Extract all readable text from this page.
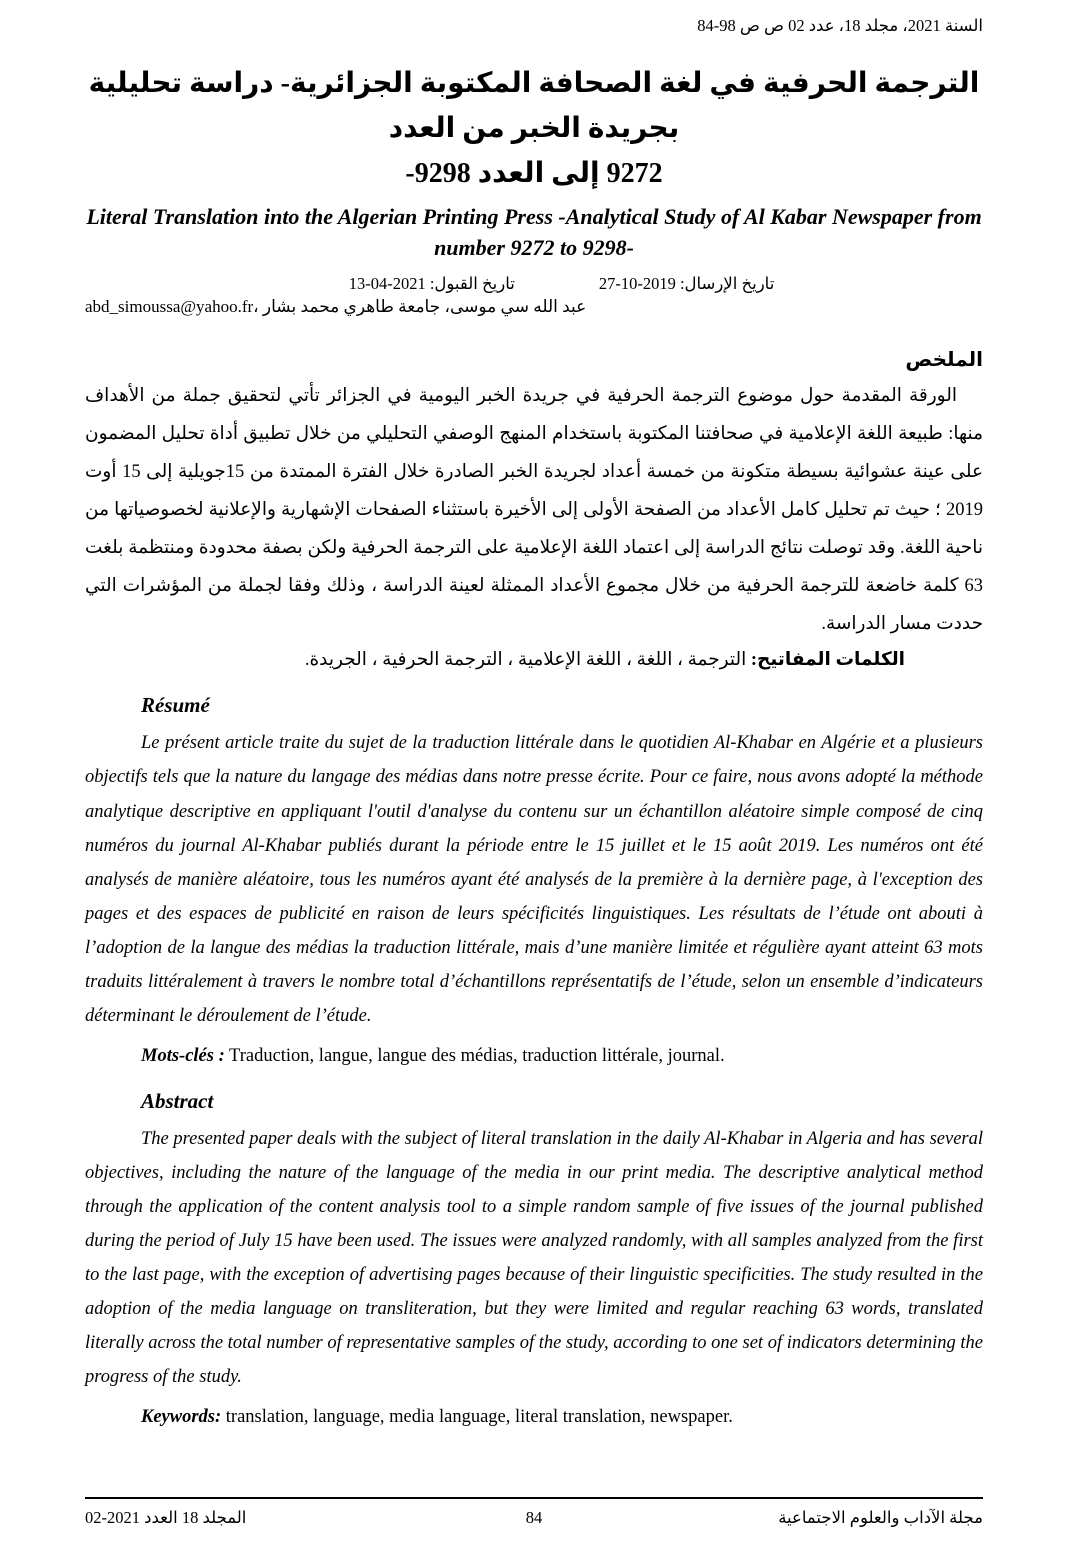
السنة 2021، مجلد 18، عدد 02 ص ص 98-84
الترجمة الحرفية في لغة الصحافة المكتوبة الجزائرية- دراسة تحليلية بجريدة الخبر من العدد
9272 إلى العدد 9298-
Literal Translation into the Algerian Printing Press -Analytical Study of Al Kabar Newspaper from
number 9272 to 9298-
تاريخ القبول: 2021-04-13	تاريخ الإرسال: 2019-10-27
عبد الله سي موسى، جامعة طاهري محمد بشار ،abd_simoussa@yahoo.fr
الملخص
الورقة المقدمة حول موضوع الترجمة الحرفية في جريدة الخبر اليومية في الجزائر تأتي لتحقيق جملة من الأهداف منها: طبيعة اللغة الإعلامية في صحافتنا المكتوبة باستخدام المنهج الوصفي التحليلي من خلال تطبيق أداة تحليل المضمون على عينة عشوائية بسيطة متكونة من خمسة أعداد لجريدة الخبر الصادرة خلال الفترة الممتدة من 15جويلية إلى 15 أوت 2019 ؛ حيث تم تحليل كامل الأعداد من الصفحة الأولى إلى الأخيرة باستثناء الصفحات الإشهارية والإعلانية لخصوصياتها من ناحية اللغة. وقد توصلت نتائج الدراسة إلى اعتماد اللغة الإعلامية على الترجمة الحرفية ولكن بصفة محدودة ومنتظمة بلغت 63 كلمة خاضعة للترجمة الحرفية من خلال مجموع الأعداد الممثلة لعينة الدراسة ، وذلك وفقا لجملة من المؤشرات التي حددت مسار الدراسة.
الكلمات المفاتيح: الترجمة ، اللغة ، اللغة الإعلامية ، الترجمة الحرفية ، الجريدة.
Résumé
Le présent article traite du sujet de la traduction littérale dans le quotidien Al-Khabar en Algérie et a plusieurs objectifs tels que la nature du langage des médias dans notre presse écrite. Pour ce faire, nous avons adopté la méthode analytique descriptive en appliquant l'outil d'analyse du contenu sur un échantillon aléatoire simple composé de cinq numéros du journal Al-Khabar publiés durant la période entre le 15 juillet et le 15 août 2019. Les numéros ont été analysés de manière aléatoire, tous les numéros ayant été analysés de la première à la dernière page, à l'exception des pages et des espaces de publicité en raison de leurs spécificités linguistiques. Les résultats de l’étude ont abouti à l’adoption de la langue des médias la traduction littérale, mais d’une manière limitée et régulière ayant atteint 63 mots traduits littéralement à travers le nombre total d’échantillons représentatifs de l’étude, selon un ensemble d’indicateurs déterminant le déroulement de l’étude.
Mots-clés : Traduction, langue, langue des médias, traduction littérale, journal.
Abstract
The presented paper deals with the subject of literal translation in the daily Al-Khabar in Algeria and has several objectives, including the nature of the language of the media in our print media. The descriptive analytical method through the application of the content analysis tool to a simple random sample of five issues of the journal published during the period of July 15 have been used. The issues were analyzed randomly, with all samples analyzed from the first to the last page, with the exception of advertising pages because of their linguistic specificities. The study resulted in the adoption of the media language on transliteration, but they were limited and regular reaching 63 words, translated literally across the total number of representative samples of the study, according to one set of indicators determining the progress of the study.
Keywords: translation, language, media language, literal translation, newspaper.
المجلد 18 العدد 2021-02	84	مجلة الآداب والعلوم الاجتماعية
